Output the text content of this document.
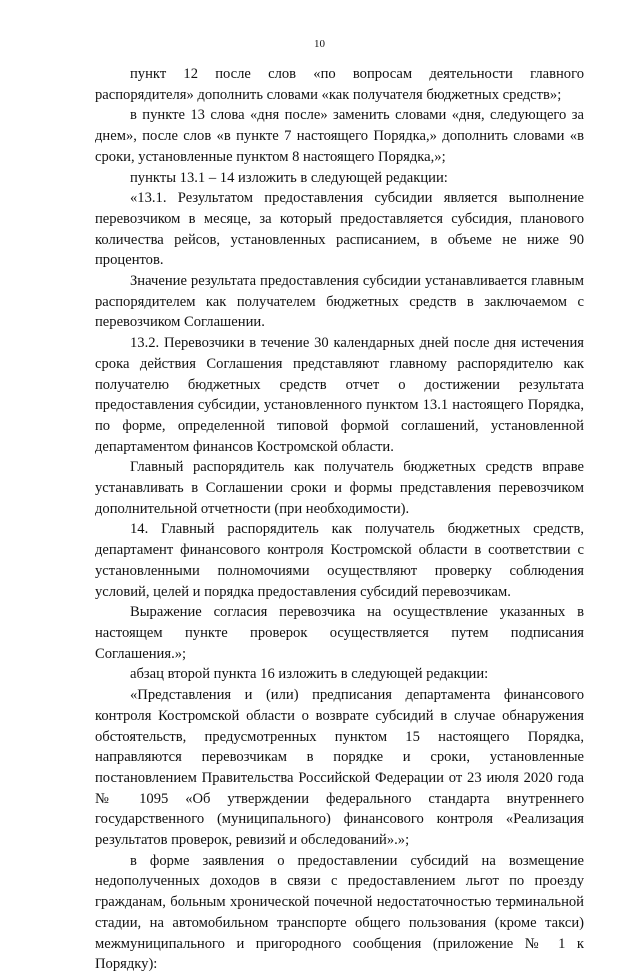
10

пункт 12 после слов «по вопросам деятельности главного распорядителя» дополнить словами «как получателя бюджетных средств»;

в пункте 13 слова «дня после» заменить словами «дня, следующего за днем», после слов «в пункте 7 настоящего Порядка,» дополнить словами «в сроки, установленные пунктом 8 настоящего Порядка,»;

пункты 13.1 – 14 изложить в следующей редакции:

«13.1. Результатом предоставления субсидии является выполнение перевозчиком в месяце, за который предоставляется субсидия, планового количества рейсов, установленных расписанием, в объеме не ниже 90 процентов.

Значение результата предоставления субсидии устанавливается главным распорядителем как получателем бюджетных средств в заключаемом с перевозчиком Соглашении.

13.2. Перевозчики в течение 30 календарных дней после дня истечения срока действия Соглашения представляют главному распорядителю как получателю бюджетных средств отчет о достижении результата предоставления субсидии, установленного пунктом 13.1 настоящего Порядка, по форме, определенной типовой формой соглашений, установленной департаментом финансов Костромской области.

Главный распорядитель как получатель бюджетных средств вправе устанавливать в Соглашении сроки и формы представления перевозчиком дополнительной отчетности (при необходимости).

14. Главный распорядитель как получатель бюджетных средств, департамент финансового контроля Костромской области в соответствии с установленными полномочиями осуществляют проверку соблюдения условий, целей и порядка предоставления субсидий перевозчикам.

Выражение согласия перевозчика на осуществление указанных в настоящем пункте проверок осуществляется путем подписания Соглашения.»;

абзац второй пункта 16 изложить в следующей редакции:

«Представления и (или) предписания департамента финансового контроля Костромской области о возврате субсидий в случае обнаружения обстоятельств, предусмотренных пунктом 15 настоящего Порядка, направляются перевозчикам в порядке и сроки, установленные постановлением Правительства Российской Федерации от 23 июля 2020 года № 1095 «Об утверждении федерального стандарта внутреннего государственного (муниципального) финансового контроля «Реализация результатов проверок, ревизий и обследований».»;

в форме заявления о предоставлении субсидий на возмещение недополученных доходов в связи с предоставлением льгот по проезду гражданам, больным хронической почечной недостаточностью терминальной стадии, на автомобильном транспорте общего пользования (кроме такси) межмуниципального и пригородного сообщения (приложение № 1 к Порядку):
